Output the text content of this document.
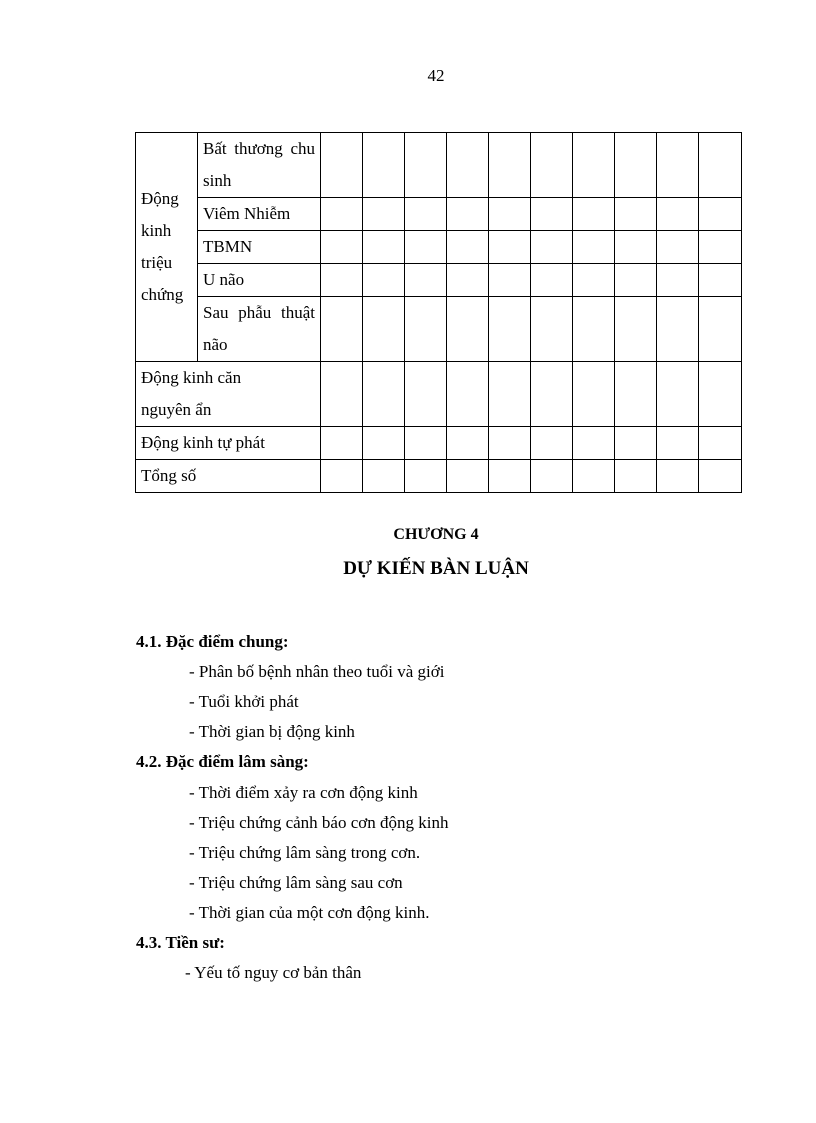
42
Động kinh triệu chứng	Bất thương chu sinh										
	Viêm Nhiễm										
	TBMN										
	U não										
	Sau phẫu thuật não										
Động kinh căn nguyên ẩn											
Động kinh tự phát											
Tổng số											
CHƯƠNG 4
DỰ KIẾN BÀN LUẬN
4.1. Đặc điểm chung:
- Phân bố bệnh nhân theo tuổi và giới
- Tuổi khởi phát
- Thời gian bị động kinh
4.2. Đặc điểm lâm sàng:
- Thời điểm xảy ra cơn động kinh
- Triệu chứng cảnh báo cơn động kinh
- Triệu chứng lâm sàng trong cơn.
- Triệu chứng lâm sàng sau cơn
- Thời gian của một cơn động kinh.
4.3. Tiền sư:
- Yếu tố nguy cơ bản thân
